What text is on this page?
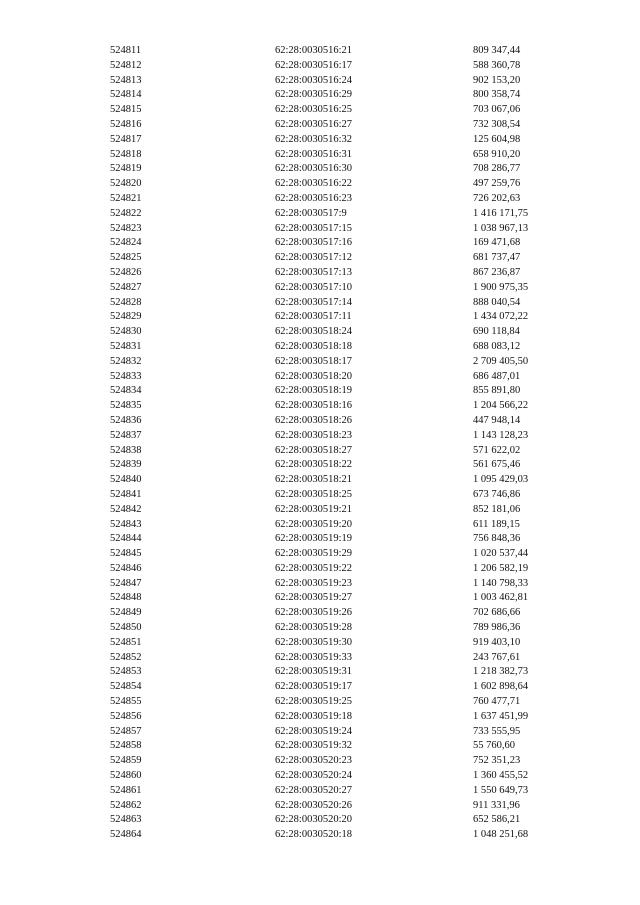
524811	62:28:0030516:21	809 347,44
524812	62:28:0030516:17	588 360,78
524813	62:28:0030516:24	902 153,20
524814	62:28:0030516:29	800 358,74
524815	62:28:0030516:25	703 067,06
524816	62:28:0030516:27	732 308,54
524817	62:28:0030516:32	125 604,98
524818	62:28:0030516:31	658 910,20
524819	62:28:0030516:30	708 286,77
524820	62:28:0030516:22	497 259,76
524821	62:28:0030516:23	726 202,63
524822	62:28:0030517:9	1 416 171,75
524823	62:28:0030517:15	1 038 967,13
524824	62:28:0030517:16	169 471,68
524825	62:28:0030517:12	681 737,47
524826	62:28:0030517:13	867 236,87
524827	62:28:0030517:10	1 900 975,35
524828	62:28:0030517:14	888 040,54
524829	62:28:0030517:11	1 434 072,22
524830	62:28:0030518:24	690 118,84
524831	62:28:0030518:18	688 083,12
524832	62:28:0030518:17	2 709 405,50
524833	62:28:0030518:20	686 487,01
524834	62:28:0030518:19	855 891,80
524835	62:28:0030518:16	1 204 566,22
524836	62:28:0030518:26	447 948,14
524837	62:28:0030518:23	1 143 128,23
524838	62:28:0030518:27	571 622,02
524839	62:28:0030518:22	561 675,46
524840	62:28:0030518:21	1 095 429,03
524841	62:28:0030518:25	673 746,86
524842	62:28:0030519:21	852 181,06
524843	62:28:0030519:20	611 189,15
524844	62:28:0030519:19	756 848,36
524845	62:28:0030519:29	1 020 537,44
524846	62:28:0030519:22	1 206 582,19
524847	62:28:0030519:23	1 140 798,33
524848	62:28:0030519:27	1 003 462,81
524849	62:28:0030519:26	702 686,66
524850	62:28:0030519:28	789 986,36
524851	62:28:0030519:30	919 403,10
524852	62:28:0030519:33	243 767,61
524853	62:28:0030519:31	1 218 382,73
524854	62:28:0030519:17	1 602 898,64
524855	62:28:0030519:25	760 477,71
524856	62:28:0030519:18	1 637 451,99
524857	62:28:0030519:24	733 555,95
524858	62:28:0030519:32	55 760,60
524859	62:28:0030520:23	752 351,23
524860	62:28:0030520:24	1 360 455,52
524861	62:28:0030520:27	1 550 649,73
524862	62:28:0030520:26	911 331,96
524863	62:28:0030520:20	652 586,21
524864	62:28:0030520:18	1 048 251,68
